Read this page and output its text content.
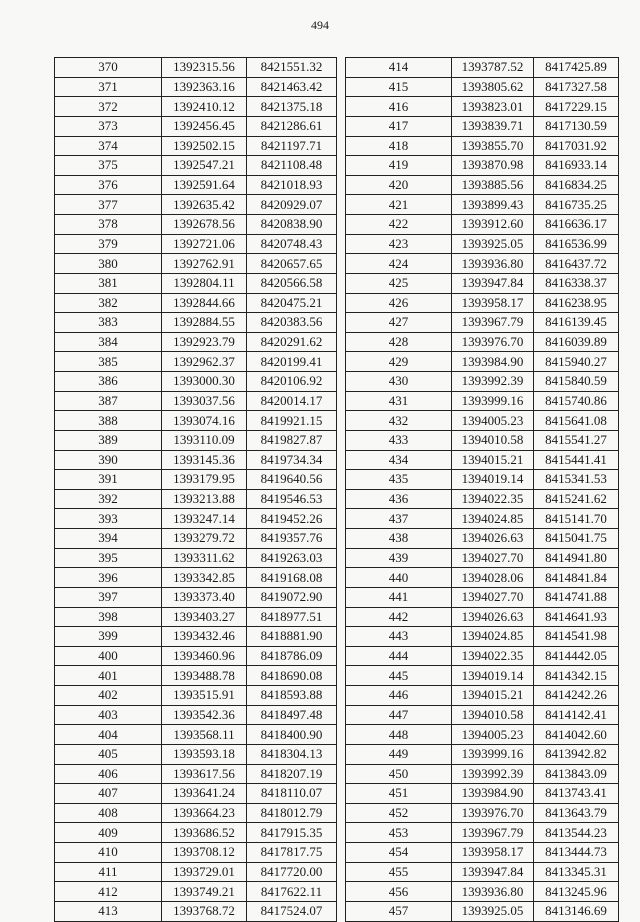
494
370	1392315.56	8421551.32
371	1392363.16	8421463.42
372	1392410.12	8421375.18
373	1392456.45	8421286.61
374	1392502.15	8421197.71
375	1392547.21	8421108.48
376	1392591.64	8421018.93
377	1392635.42	8420929.07
378	1392678.56	8420838.90
379	1392721.06	8420748.43
380	1392762.91	8420657.65
381	1392804.11	8420566.58
382	1392844.66	8420475.21
383	1392884.55	8420383.56
384	1392923.79	8420291.62
385	1392962.37	8420199.41
386	1393000.30	8420106.92
387	1393037.56	8420014.17
388	1393074.16	8419921.15
389	1393110.09	8419827.87
390	1393145.36	8419734.34
391	1393179.95	8419640.56
392	1393213.88	8419546.53
393	1393247.14	8419452.26
394	1393279.72	8419357.76
395	1393311.62	8419263.03
396	1393342.85	8419168.08
397	1393373.40	8419072.90
398	1393403.27	8418977.51
399	1393432.46	8418881.90
400	1393460.96	8418786.09
401	1393488.78	8418690.08
402	1393515.91	8418593.88
403	1393542.36	8418497.48
404	1393568.11	8418400.90
405	1393593.18	8418304.13
406	1393617.56	8418207.19
407	1393641.24	8418110.07
408	1393664.23	8418012.79
409	1393686.52	8417915.35
410	1393708.12	8417817.75
411	1393729.01	8417720.00
412	1393749.21	8417622.11
413	1393768.72	8417524.07
414	1393787.52	8417425.89
415	1393805.62	8417327.58
416	1393823.01	8417229.15
417	1393839.71	8417130.59
418	1393855.70	8417031.92
419	1393870.98	8416933.14
420	1393885.56	8416834.25
421	1393899.43	8416735.25
422	1393912.60	8416636.17
423	1393925.05	8416536.99
424	1393936.80	8416437.72
425	1393947.84	8416338.37
426	1393958.17	8416238.95
427	1393967.79	8416139.45
428	1393976.70	8416039.89
429	1393984.90	8415940.27
430	1393992.39	8415840.59
431	1393999.16	8415740.86
432	1394005.23	8415641.08
433	1394010.58	8415541.27
434	1394015.21	8415441.41
435	1394019.14	8415341.53
436	1394022.35	8415241.62
437	1394024.85	8415141.70
438	1394026.63	8415041.75
439	1394027.70	8414941.80
440	1394028.06	8414841.84
441	1394027.70	8414741.88
442	1394026.63	8414641.93
443	1394024.85	8414541.98
444	1394022.35	8414442.05
445	1394019.14	8414342.15
446	1394015.21	8414242.26
447	1394010.58	8414142.41
448	1394005.23	8414042.60
449	1393999.16	8413942.82
450	1393992.39	8413843.09
451	1393984.90	8413743.41
452	1393976.70	8413643.79
453	1393967.79	8413544.23
454	1393958.17	8413444.73
455	1393947.84	8413345.31
456	1393936.80	8413245.96
457	1393925.05	8413146.69
